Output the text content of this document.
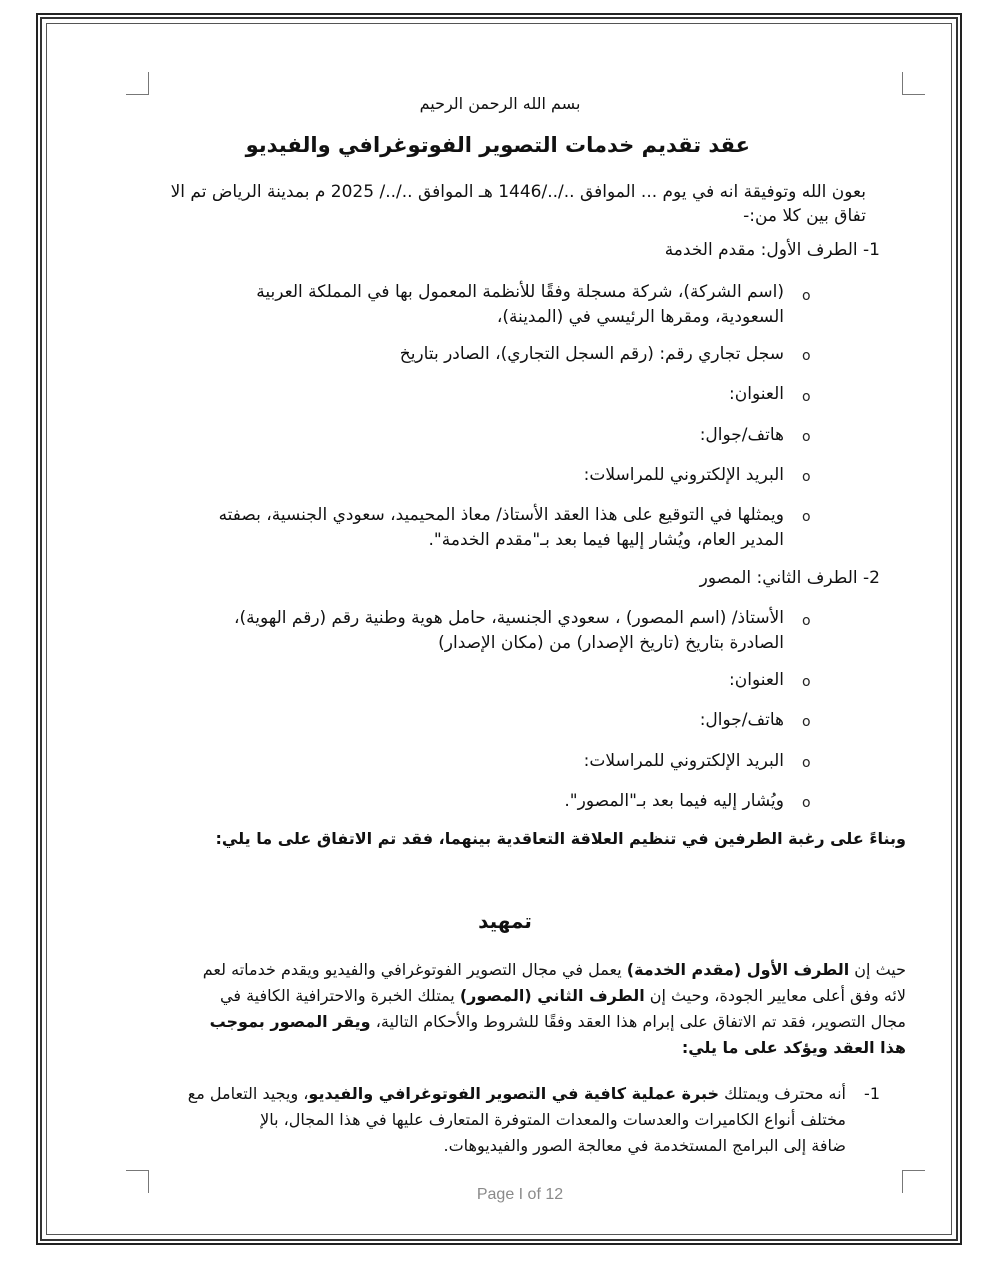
بسم الله الرحمن الرحيم
عقد تقديم خدمات التصوير الفوتوغرافي والفيديو
بعون الله وتوفيقة انه في يوم ... الموافق ../../1446 هـ الموافق ../../ 2025 م بمدينة الرياض تم الا
تفاق بين كلا من:-
1- الطرف الأول: مقدم الخدمة
o
(اسم الشركة)، شركة مسجلة وفقًا للأنظمة المعمول بها في المملكة العربية
السعودية، ومقرها الرئيسي في (المدينة)،
o
سجل تجاري رقم: (رقم السجل التجاري)، الصادر بتاريخ
o
العنوان:
o
هاتف/جوال:
o
البريد الإلكتروني للمراسلات:
o
ويمثلها في التوقيع على هذا العقد الأستاذ/ معاذ المحيميد، سعودي الجنسية، بصفته
المدير العام، ويُشار إليها فيما بعد بـ"مقدم الخدمة".
2- الطرف الثاني: المصور
o
الأستاذ/ (اسم المصور) ، سعودي الجنسية، حامل هوية وطنية رقم (رقم الهوية)،
الصادرة بتاريخ (تاريخ الإصدار) من (مكان الإصدار)
o
العنوان:
o
هاتف/جوال:
o
البريد الإلكتروني للمراسلات:
o
ويُشار إليه فيما بعد بـ"المصور".
وبناءً على رغبة الطرفين في تنظيم العلاقة التعاقدية بينهما، فقد تم الاتفاق على ما يلي:
تمهيد
حيث إن الطرف الأول (مقدم الخدمة) يعمل في مجال التصوير الفوتوغرافي والفيديو ويقدم خدماته لعم
لائه وفق أعلى معايير الجودة، وحيث إن الطرف الثاني (المصور) يمتلك الخبرة والاحترافية الكافية في
مجال التصوير، فقد تم الاتفاق على إبرام هذا العقد وفقًا للشروط والأحكام التالية، ويقر المصور بموجب
هذا العقد ويؤكد على ما يلي:
1-
أنه محترف ويمتلك خبرة عملية كافية في التصوير الفوتوغرافي والفيديو، ويجيد التعامل مع
مختلف أنواع الكاميرات والعدسات والمعدات المتوفرة المتعارف عليها في هذا المجال، بالإ
ضافة إلى البرامج المستخدمة في معالجة الصور والفيديوهات.
Page I of 12
